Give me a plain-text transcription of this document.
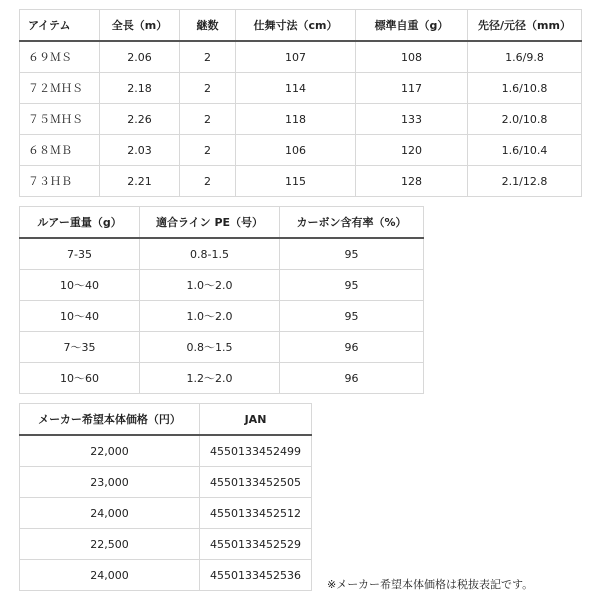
アイテム	全長（m）	継数	仕舞寸法（cm）	標準自重（g）	先径/元径（mm）
６９ＭＳ	2.06	2	107	108	1.6/9.8
７２ＭＨＳ	2.18	2	114	117	1.6/10.8
７５ＭＨＳ	2.26	2	118	133	2.0/10.8
６８ＭＢ	2.03	2	106	120	1.6/10.4
７３ＨＢ	2.21	2	115	128	2.1/12.8
ルアー重量（g）	適合ライン PE（号）	カーボン含有率（%）
7-35	0.8-1.5	95
10～40	1.0～2.0	95
10～40	1.0～2.0	95
7～35	0.8～1.5	96
10～60	1.2～2.0	96
メーカー希望本体価格（円）	JAN
22,000	4550133452499
23,000	4550133452505
24,000	4550133452512
22,500	4550133452529
24,000	4550133452536
※メーカー希望本体価格は税抜表記です。
